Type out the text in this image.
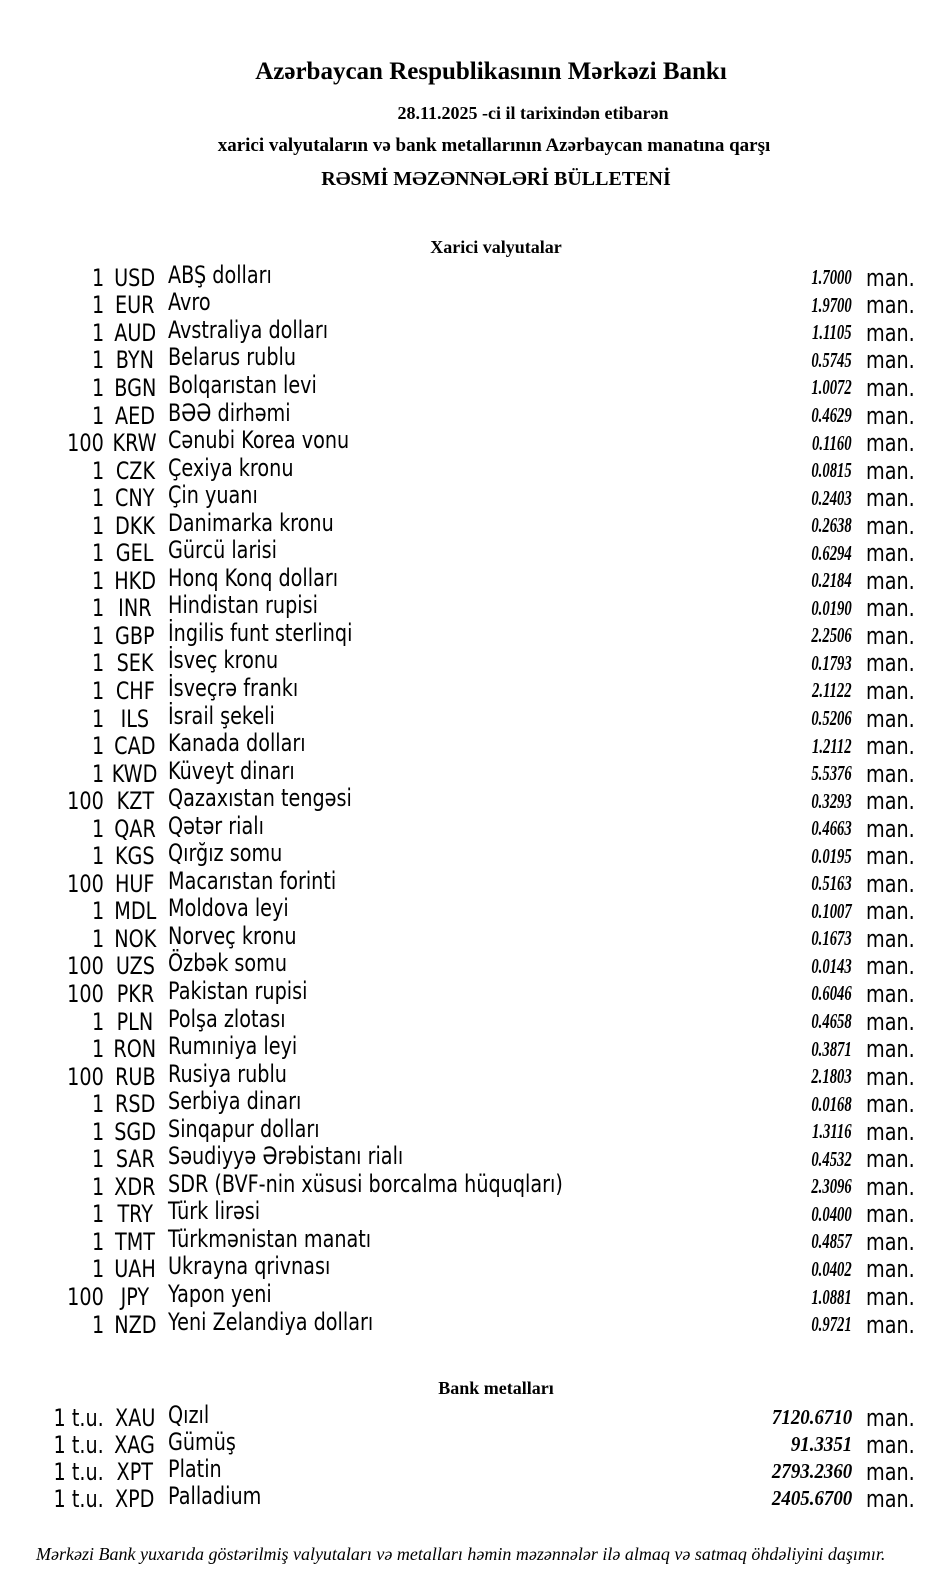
Azərbaycan Respublikasının Mərkəzi Bankı
28.11.2025 -ci il tarixindən etibarən
xarici valyutaların və bank metallarının Azərbaycan manatına qarşı
RƏSMİ MƏZƏNNƏLƏRİ BÜLLETENİ
Xarici valyutalar
1 USD ABŞ dolları	1.7000 man.
1 EUR Avro	1.9700 man.
1 AUD Avstraliya dolları	1.1105 man.
1 BYN Belarus rublu	0.5745 man.
1 BGN Bolqarıstan levi	1.0072 man.
1 AED BƏƏ dirhəmi	0.4629 man.
100 KRW Cənubi Korea vonu	0.1160 man.
1 CZK Çexiya kronu	0.0815 man.
1 CNY Çin yuanı	0.2403 man.
1 DKK Danimarka kronu	0.2638 man.
1 GEL Gürcü larisi	0.6294 man.
1 HKD Honq Konq dolları	0.2184 man.
1 INR Hindistan rupisi	0.0190 man.
1 GBP İngilis funt sterlinqi	2.2506 man.
1 SEK İsveç kronu	0.1793 man.
1 CHF İsveçrə frankı	2.1122 man.
1 ILS İsrail şekeli	0.5206 man.
1 CAD Kanada dolları	1.2112 man.
1 KWD Küveyt dinarı	5.5376 man.
100 KZT Qazaxıstan tengəsi	0.3293 man.
1 QAR Qətər rialı	0.4663 man.
1 KGS Qırğız somu	0.0195 man.
100 HUF Macarıstan forinti	0.5163 man.
1 MDL Moldova leyi	0.1007 man.
1 NOK Norveç kronu	0.1673 man.
100 UZS Özbək somu	0.0143 man.
100 PKR Pakistan rupisi	0.6046 man.
1 PLN Polşa zlotası	0.4658 man.
1 RON Rumıniya leyi	0.3871 man.
100 RUB Rusiya rublu	2.1803 man.
1 RSD Serbiya dinarı	0.0168 man.
1 SGD Sinqapur dolları	1.3116 man.
1 SAR Səudiyyə Ərəbistanı rialı	0.4532 man.
1 XDR SDR (BVF-nin xüsusi borcalma hüquqları)	2.3096 man.
1 TRY Türk lirəsi	0.0400 man.
1 TMT Türkmənistan manatı	0.4857 man.
1 UAH Ukrayna qrivnası	0.0402 man.
100 JPY Yapon yeni	1.0881 man.
1 NZD Yeni Zelandiya dolları	0.9721 man.
Bank metalları
1 t.u. XAU Qızıl	7120.6710 man.
1 t.u. XAG Gümüş	91.3351 man.
1 t.u. XPT Platin	2793.2360 man.
1 t.u. XPD Palladium	2405.6700 man.
Mərkəzi Bank yuxarıda göstərilmiş valyutaları və metalları həmin məzənnələr ilə almaq və satmaq öhdəliyini daşımır.
